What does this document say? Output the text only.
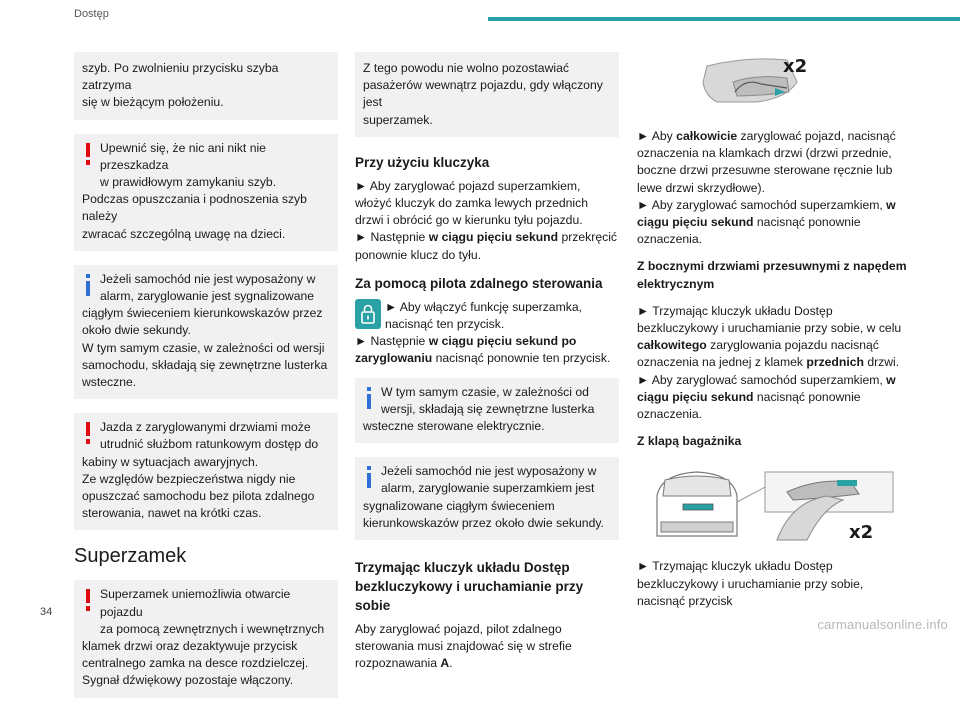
Dostęp
szyb. Po zwolnieniu przycisku szyba zatrzyma
się w bieżącym położeniu.
Upewnić się, że nic ani nikt nie przeszkadza
w prawidłowym zamykaniu szyb.
Podczas opuszczania i podnoszenia szyb należy
zwracać szczególną uwagę na dzieci.
Jeżeli samochód nie jest wyposażony w
alarm, zaryglowanie jest sygnalizowane
ciągłym świeceniem kierunkowskazów przez
około dwie sekundy.
W tym samym czasie, w zależności od wersji
samochodu, składają się zewnętrzne lusterka
wsteczne.
Jazda z zaryglowanymi drzwiami może
utrudnić służbom ratunkowym dostęp do
kabiny w sytuacjach awaryjnych.
Ze względów bezpieczeństwa nigdy nie
opuszczać samochodu bez pilota zdalnego
sterowania, nawet na krótki czas.
Superzamek
Superzamek uniemożliwia otwarcie pojazdu
za pomocą zewnętrznych i wewnętrznych
klamek drzwi oraz dezaktywuje przycisk
centralnego zamka na desce rozdzielczej.
Sygnał dźwiękowy pozostaje włączony.
Z tego powodu nie wolno pozostawiać
pasażerów wewnątrz pojazdu, gdy włączony jest
superzamek.
Przy użyciu kluczyka

► Aby zaryglować pojazd superzamkiem, włożyć kluczyk do zamka lewych przednich drzwi i obrócić go w kierunku tyłu pojazdu.

► Następnie w ciągu pięciu sekund przekręcić ponownie klucz do tyłu.

Za pomocą pilota zdalnego sterowania

► Aby włączyć funkcję superzamka, nacisnąć ten przycisk.

► Następnie w ciągu pięciu sekund po zaryglowaniu nacisnąć ponownie ten przycisk.

W tym samym czasie, w zależności od
wersji, składają się zewnętrzne lusterka
wsteczne sterowane elektrycznie.
Jeżeli samochód nie jest wyposażony w
alarm, zaryglowanie superzamkiem jest
sygnalizowane ciągłym świeceniem
kierunkowskazów przez około dwie sekundy.
Trzymając kluczyk układu Dostęp bezkluczykowy i uruchamianie przy sobie

Aby zaryglować pojazd, pilot zdalnego sterowania musi znajdować się w strefie rozpoznawania A.

x2

► Aby całkowicie zaryglować pojazd, nacisnąć oznaczenia na klamkach drzwi (drzwi przednie, boczne drzwi przesuwne sterowane ręcznie lub lewe drzwi skrzydłowe).

► Aby zaryglować samochód superzamkiem, w ciągu pięciu sekund nacisnąć ponownie oznaczenia.

Z bocznymi drzwiami przesuwnymi z napędem elektrycznym

► Trzymając kluczyk układu Dostęp bezkluczykowy i uruchamianie przy sobie, w celu całkowitego zaryglowania pojazdu nacisnąć oznaczenia na jednej z klamek przednich drzwi.

► Aby zaryglować samochód superzamkiem, w ciągu pięciu sekund nacisnąć ponownie oznaczenia.

Z klapą bagażnika
x2

► Trzymając kluczyk układu Dostęp bezkluczykowy i uruchamianie przy sobie, nacisnąć przycisk

34
carmanualsonline.info
